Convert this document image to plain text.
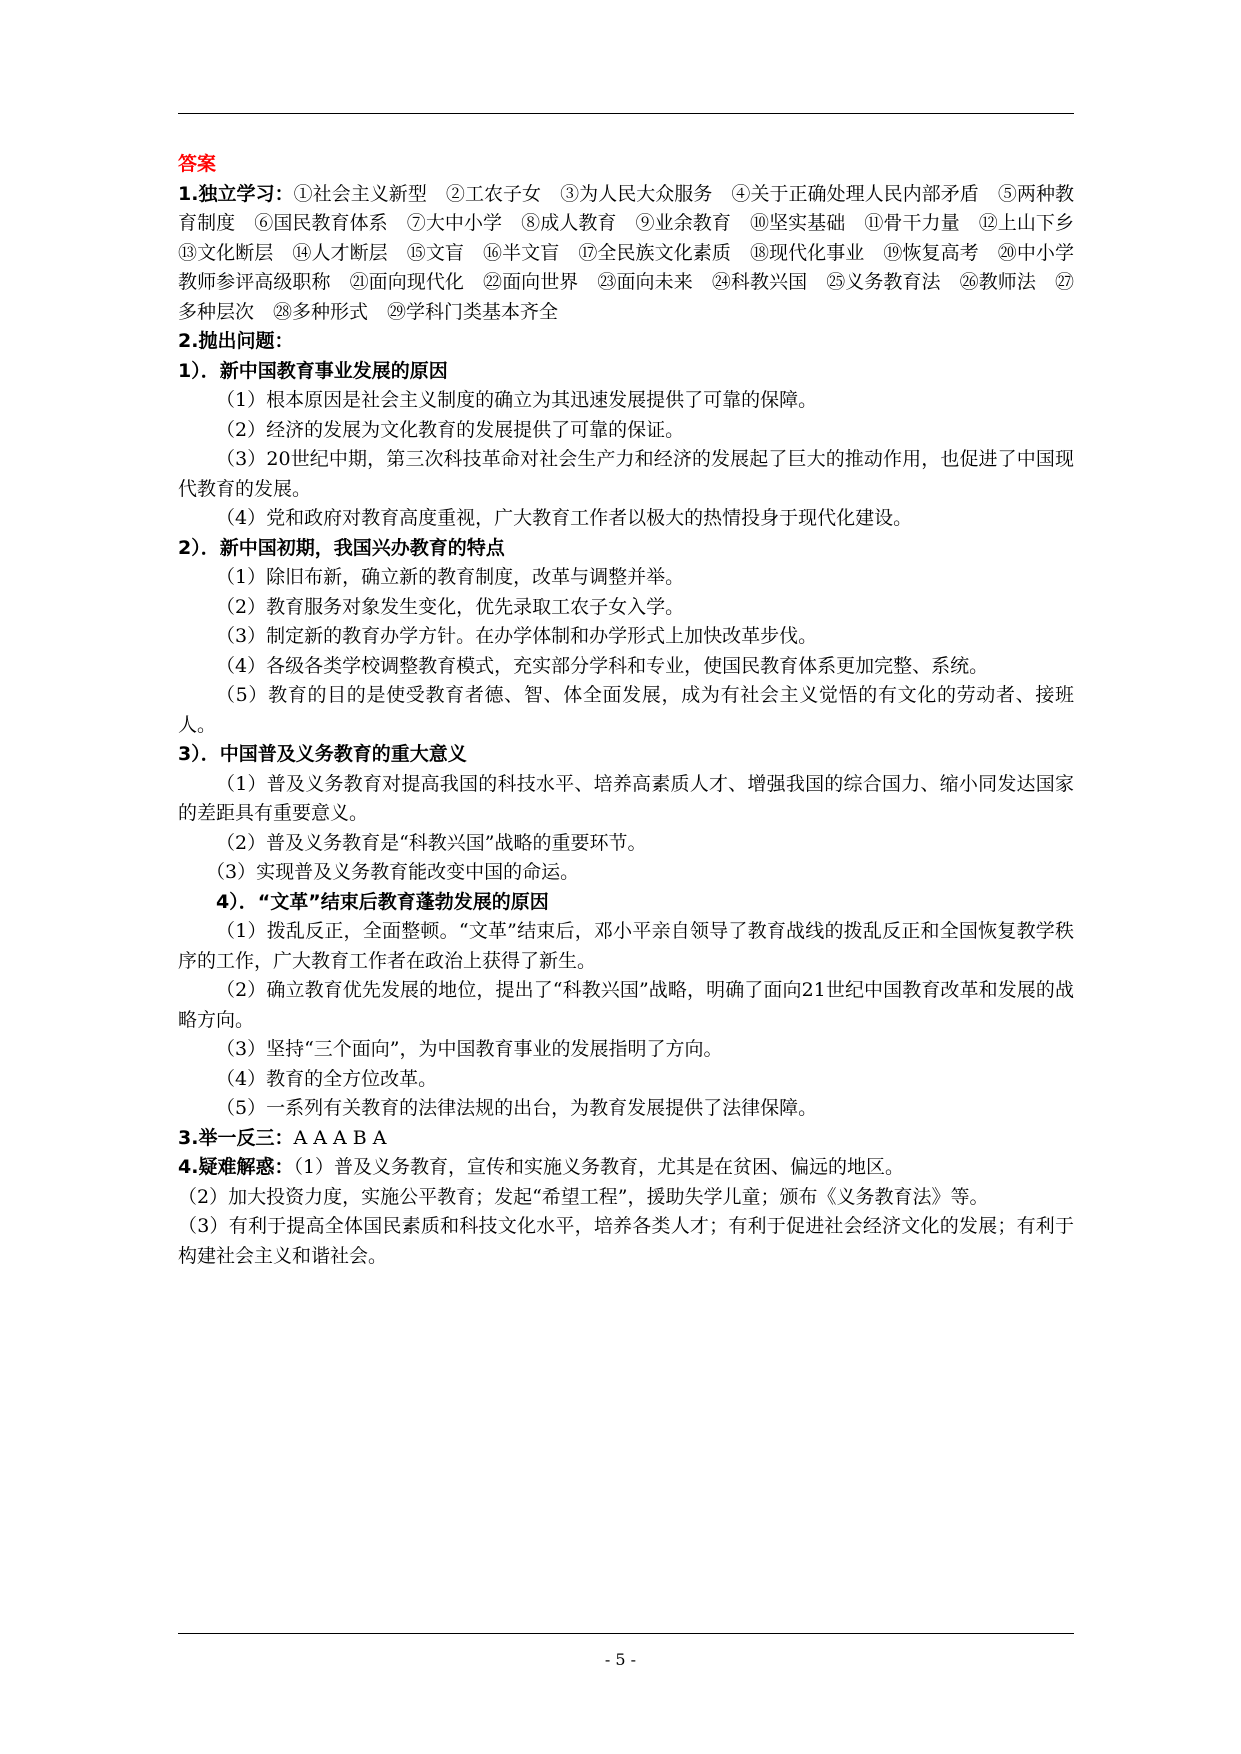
答案

1.独立学习：①社会主义新型　②工农子女　③为人民大众服务　④关于正确处理人民内部矛盾　⑤两种教育制度　⑥国民教育体系　⑦大中小学　⑧成人教育　⑨业余教育　⑩坚实基础　⑪骨干力量　⑫上山下乡　⑬文化断层　⑭人才断层　⑮文盲　⑯半文盲　⑰全民族文化素质　⑱现代化事业　⑲恢复高考　⑳中小学教师参评高级职称　㉑面向现代化　㉒面向世界　㉓面向未来　㉔科教兴国　㉕义务教育法　㉖教师法　㉗多种层次　㉘多种形式　㉙学科门类基本齐全

2.抛出问题：

1）．新中国教育事业发展的原因

（1）根本原因是社会主义制度的确立为其迅速发展提供了可靠的保障。

（2）经济的发展为文化教育的发展提供了可靠的保证。

（3）20世纪中期，第三次科技革命对社会生产力和经济的发展起了巨大的推动作用，也促进了中国现代教育的发展。

（4）党和政府对教育高度重视，广大教育工作者以极大的热情投身于现代化建设。

2）．新中国初期，我国兴办教育的特点

（1）除旧布新，确立新的教育制度，改革与调整并举。

（2）教育服务对象发生变化，优先录取工农子女入学。

（3）制定新的教育办学方针。在办学体制和办学形式上加快改革步伐。

（4）各级各类学校调整教育模式，充实部分学科和专业，使国民教育体系更加完整、系统。

（5）教育的目的是使受教育者德、智、体全面发展，成为有社会主义觉悟的有文化的劳动者、接班人。

3）．中国普及义务教育的重大意义

（1）普及义务教育对提高我国的科技水平、培养高素质人才、增强我国的综合国力、缩小同发达国家的差距具有重要意义。

（2）普及义务教育是“科教兴国”战略的重要环节。

（3）实现普及义务教育能改变中国的命运。

4）．“文革”结束后教育蓬勃发展的原因

（1）拨乱反正，全面整顿。“文革”结束后，邓小平亲自领导了教育战线的拨乱反正和全国恢复教学秩序的工作，广大教育工作者在政治上获得了新生。

（2）确立教育优先发展的地位，提出了“科教兴国”战略，明确了面向21世纪中国教育改革和发展的战略方向。

（3）坚持“三个面向”，为中国教育事业的发展指明了方向。

（4）教育的全方位改革。

（5）一系列有关教育的法律法规的出台，为教育发展提供了法律保障。

3.举一反三：A A A B A

4.疑难解惑：（1）普及义务教育，宣传和实施义务教育，尤其是在贫困、偏远的地区。

（2）加大投资力度，实施公平教育；发起“希望工程”，援助失学儿童；颁布《义务教育法》等。

（3）有利于提高全体国民素质和科技文化水平，培养各类人才；有利于促进社会经济文化的发展；有利于构建社会主义和谐社会。

- 5 -
